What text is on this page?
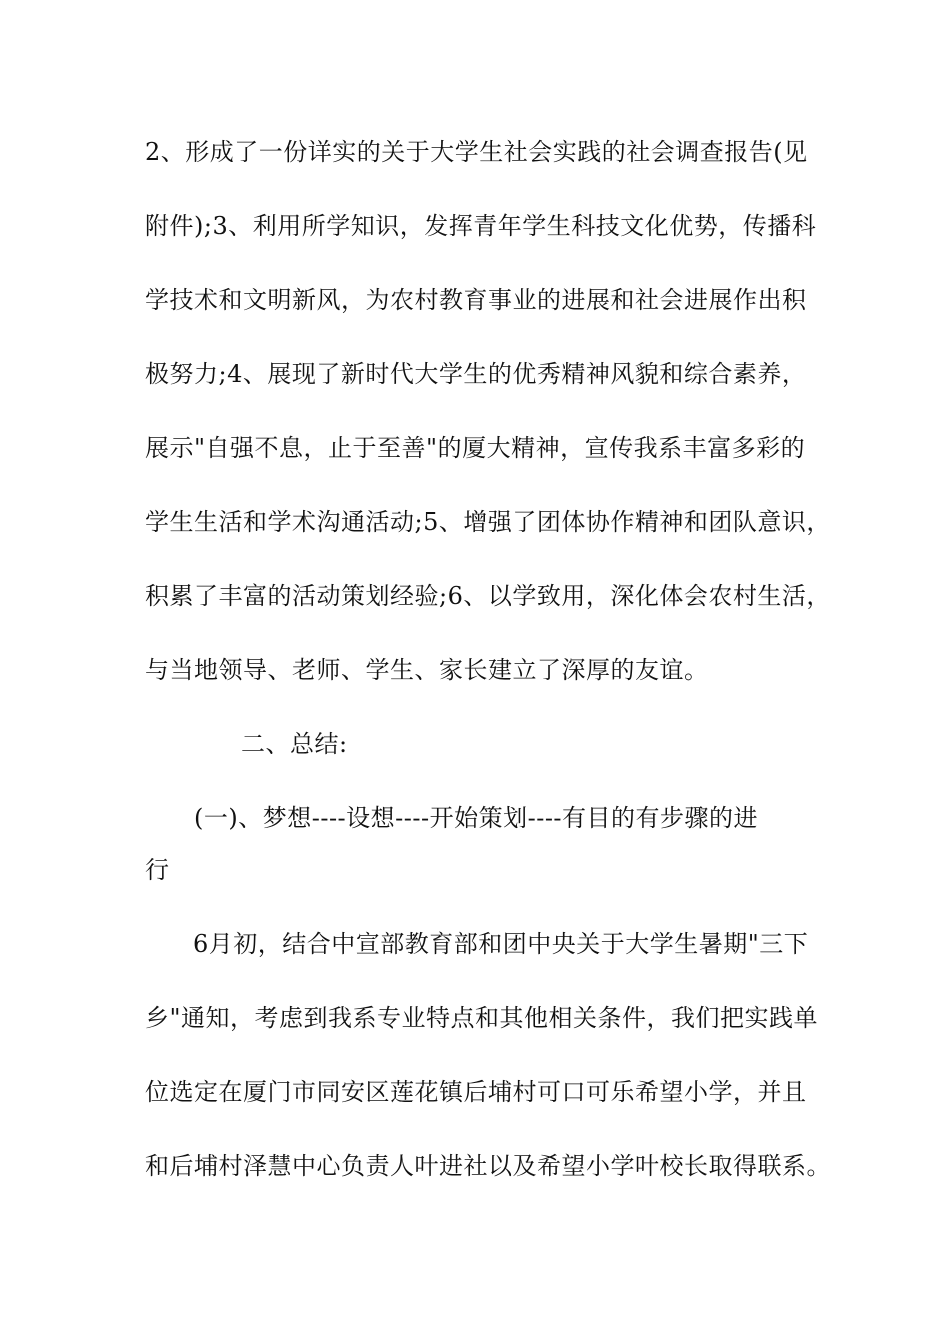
2、形成了一份详实的关于大学生社会实践的社会调查报告(见
附件);3、利用所学知识，发挥青年学生科技文化优势，传播科
学技术和文明新风，为农村教育事业的进展和社会进展作出积
极努力;4、展现了新时代大学生的优秀精神风貌和综合素养，
展示"自强不息，止于至善"的厦大精神，宣传我系丰富多彩的
学生生活和学术沟通活动;5、增强了团体协作精神和团队意识，
积累了丰富的活动策划经验;6、以学致用，深化体会农村生活，
与当地领导、老师、学生、家长建立了深厚的友谊。
二、总结:
(一)、梦想----设想----开始策划----有目的有步骤的进
行
6月初，结合中宣部教育部和团中央关于大学生暑期"三下
乡"通知，考虑到我系专业特点和其他相关条件，我们把实践单
位选定在厦门市同安区莲花镇后埔村可口可乐希望小学，并且
和后埔村泽慧中心负责人叶进社以及希望小学叶校长取得联系。
